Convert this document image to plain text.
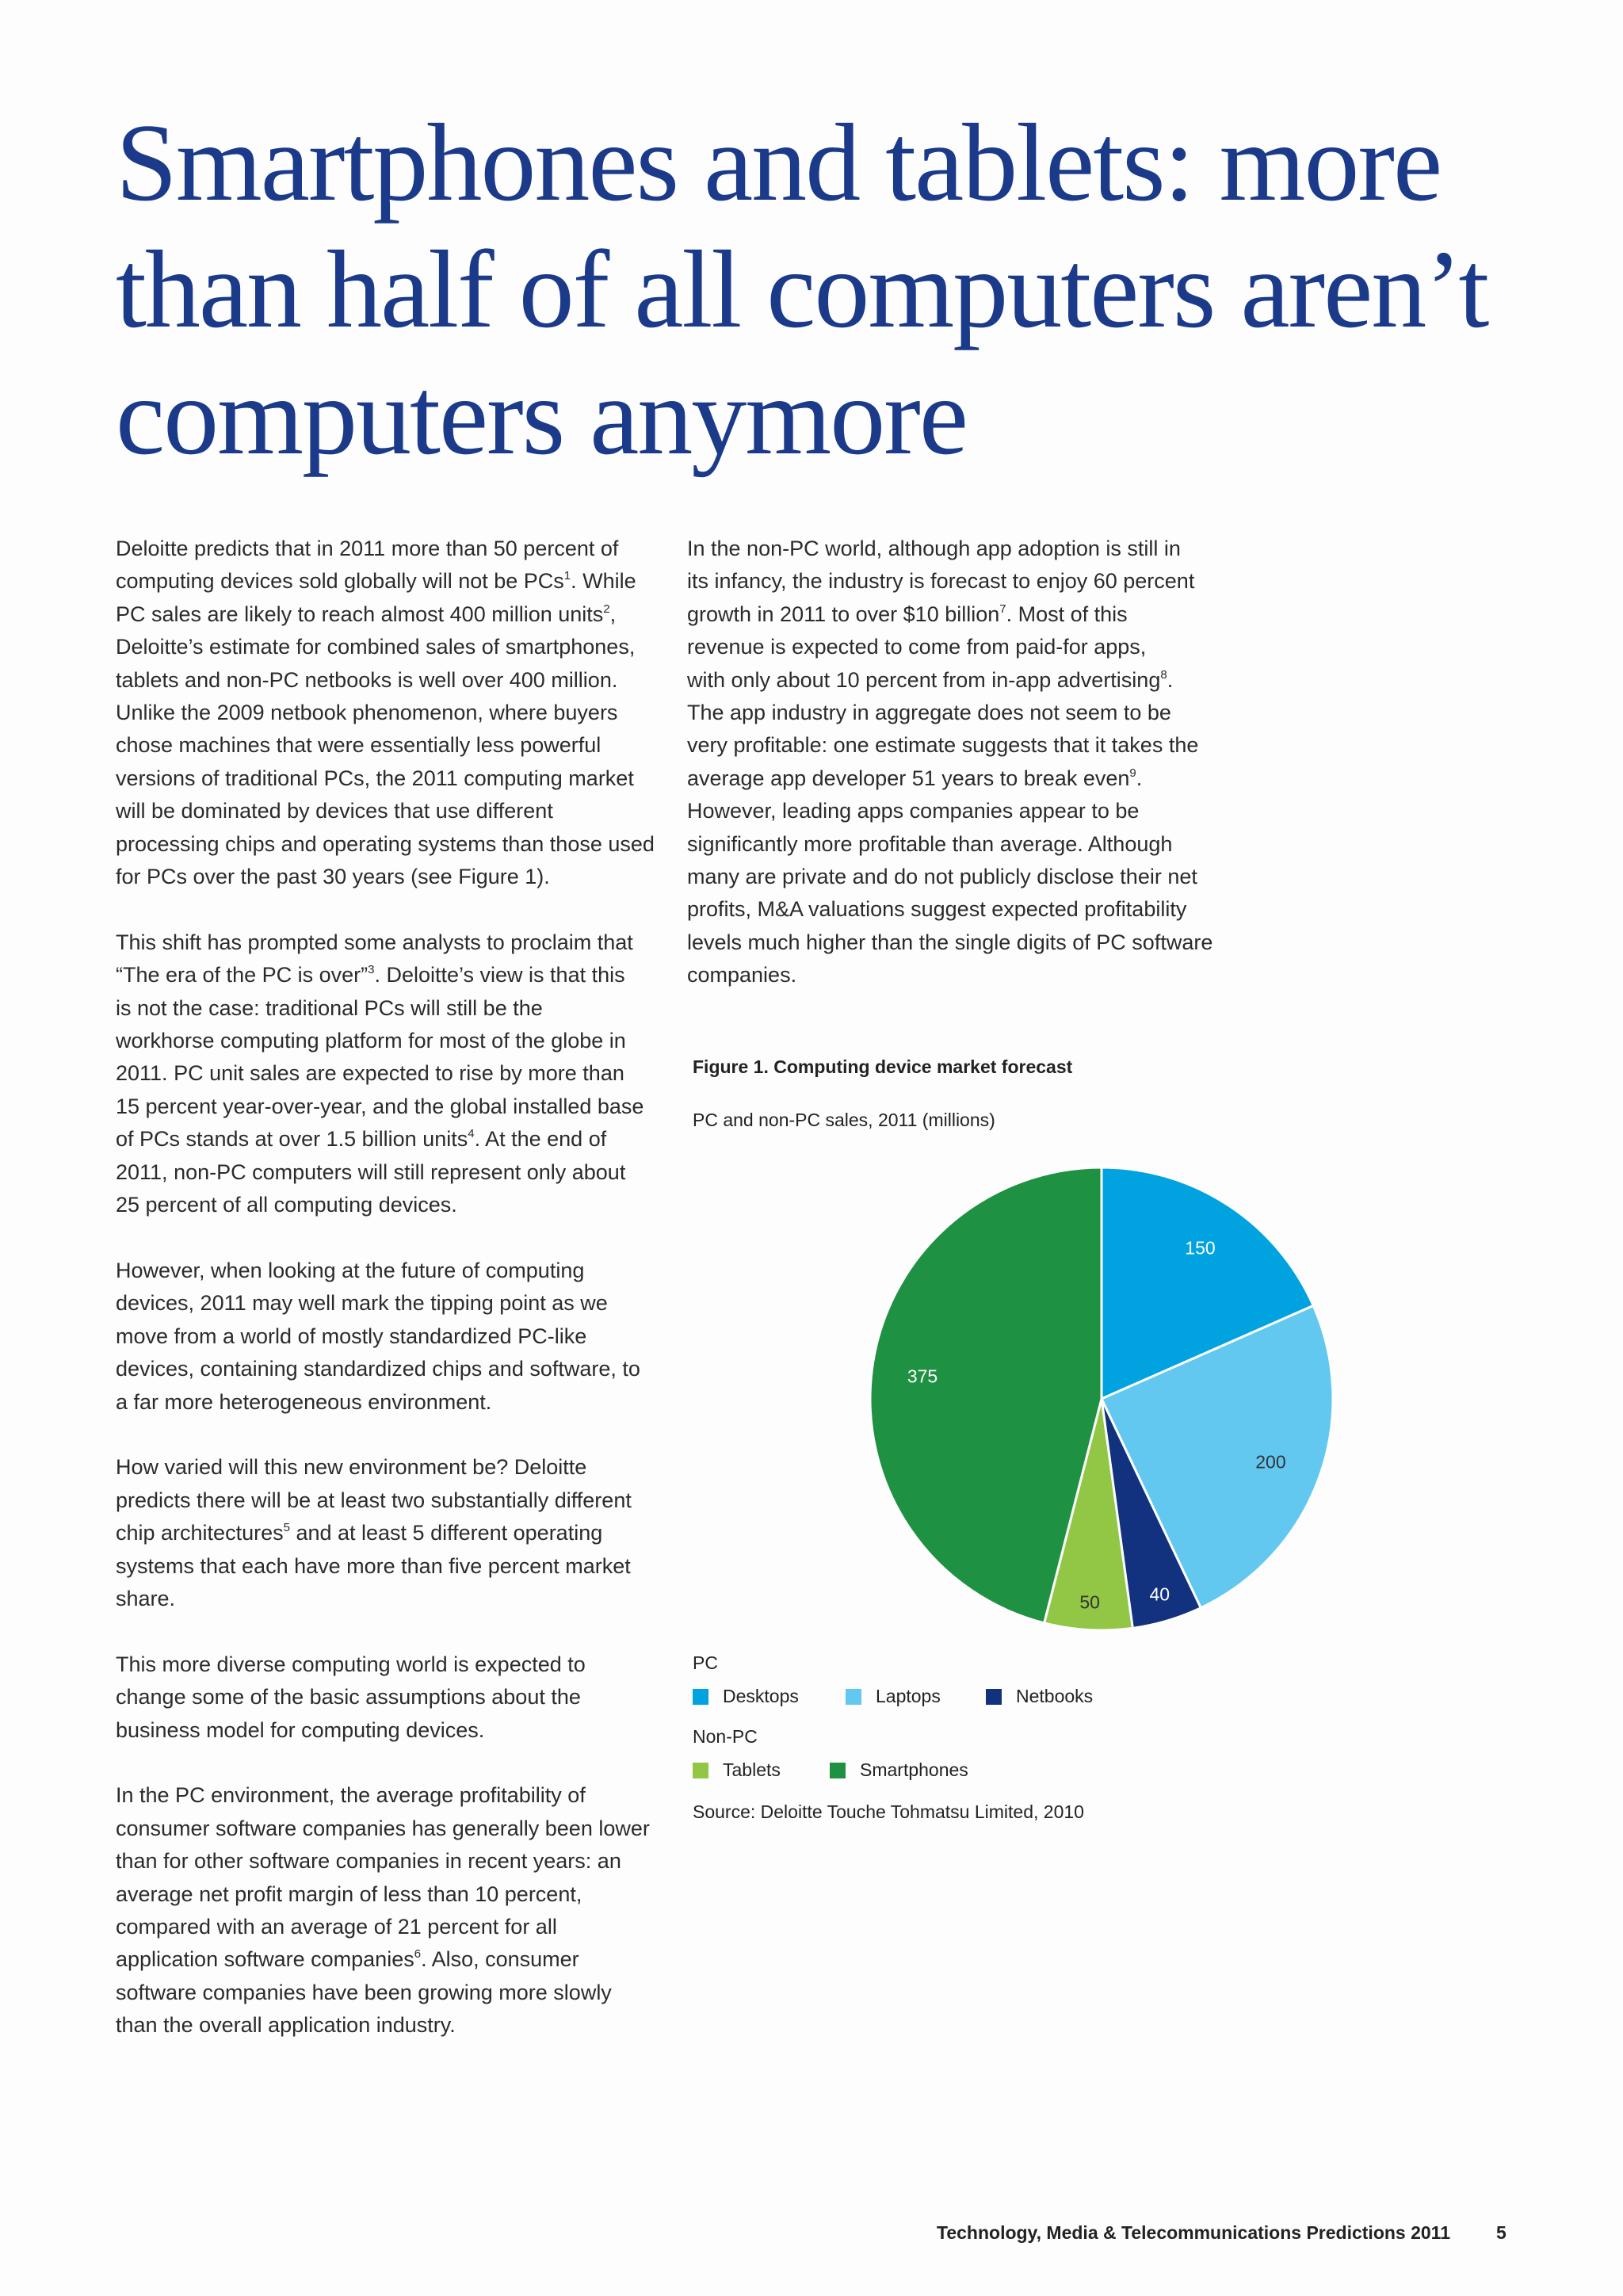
Smartphones and tablets: more
than half of all computers aren’t
computers anymore
Deloitte predicts that in 2011 more than 50 percent of
computing devices sold globally will not be PCs$^1$. While
PC sales are likely to reach almost 400 million units$^2$,
Deloitte’s estimate for combined sales of smartphones,
tablets and non-PC netbooks is well over 400 million.
Unlike the 2009 netbook phenomenon, where buyers
chose machines that were essentially less powerful
versions of traditional PCs, the 2011 computing market
will be dominated by devices that use different
processing chips and operating systems than those used
for PCs over the past 30 years (see Figure 1).
This shift has prompted some analysts to proclaim that
“The era of the PC is over”$^3$. Deloitte’s view is that this
is not the case: traditional PCs will still be the
workhorse computing platform for most of the globe in
2011. PC unit sales are expected to rise by more than
15 percent year-over-year, and the global installed base
of PCs stands at over 1.5 billion units$^4$. At the end of
2011, non-PC computers will still represent only about
25 percent of all computing devices.
However, when looking at the future of computing
devices, 2011 may well mark the tipping point as we
move from a world of mostly standardized PC-like
devices, containing standardized chips and software, to
a far more heterogeneous environment.
How varied will this new environment be? Deloitte
predicts there will be at least two substantially different
chip architectures$^5$ and at least 5 different operating
systems that each have more than five percent market
share.
This more diverse computing world is expected to
change some of the basic assumptions about the
business model for computing devices.
In the PC environment, the average profitability of
consumer software companies has generally been lower
than for other software companies in recent years: an
average net profit margin of less than 10 percent,
compared with an average of 21 percent for all
application software companies$^6$. Also, consumer
software companies have been growing more slowly
than the overall application industry.
In the non-PC world, although app adoption is still in
its infancy, the industry is forecast to enjoy 60 percent
growth in 2011 to over $10 billion$^7$. Most of this
revenue is expected to come from paid-for apps,
with only about 10 percent from in-app advertising$^8$.
The app industry in aggregate does not seem to be
very profitable: one estimate suggests that it takes the
average app developer 51 years to break even$^9$.
However, leading apps companies appear to be
significantly more profitable than average. Although
many are private and do not publicly disclose their net
profits, M&A valuations suggest expected profitability
levels much higher than the single digits of PC software
companies.
Figure 1. Computing device market forecast
PC and non-PC sales, 2011 (millions)
150
200
40
50
375
PC
Desktops	Laptops	Netbooks
Non-PC
Tablets	Smartphones
Source: Deloitte Touche Tohmatsu Limited, 2010
Technology, Media & Telecommunications Predictions 2011	5
